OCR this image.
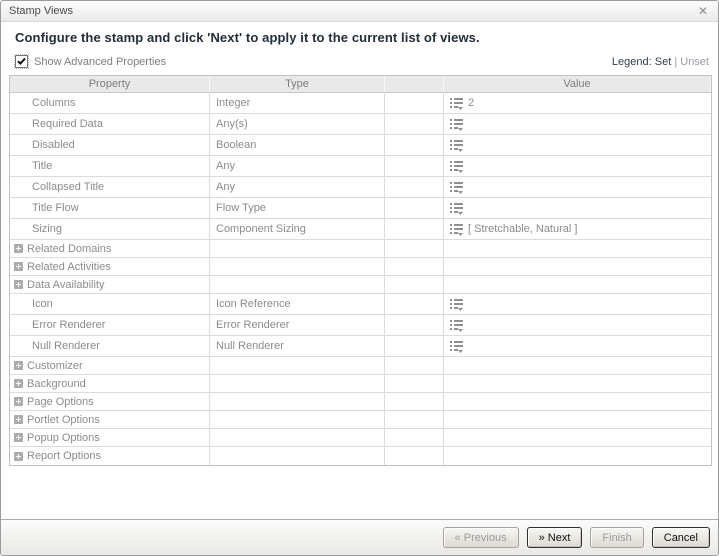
Stamp Views	✕
Configure the stamp and click 'Next' to apply it to the current list of views.
Show Advanced Properties	Legend: Set | Unset
Property	Type	Value
Columns	Integer	2
Required Data	Any(s)
Disabled	Boolean
Title	Any
Collapsed Title	Any
Title Flow	Flow Type
Sizing	Component Sizing	[ Stretchable, Natural ]
Related Domains
Related Activities
Data Availability
Icon	Icon Reference
Error Renderer	Error Renderer
Null Renderer	Null Renderer
Customizer
Background
Page Options
Portlet Options
Popup Options
Report Options
« Previous	» Next	Finish	Cancel
